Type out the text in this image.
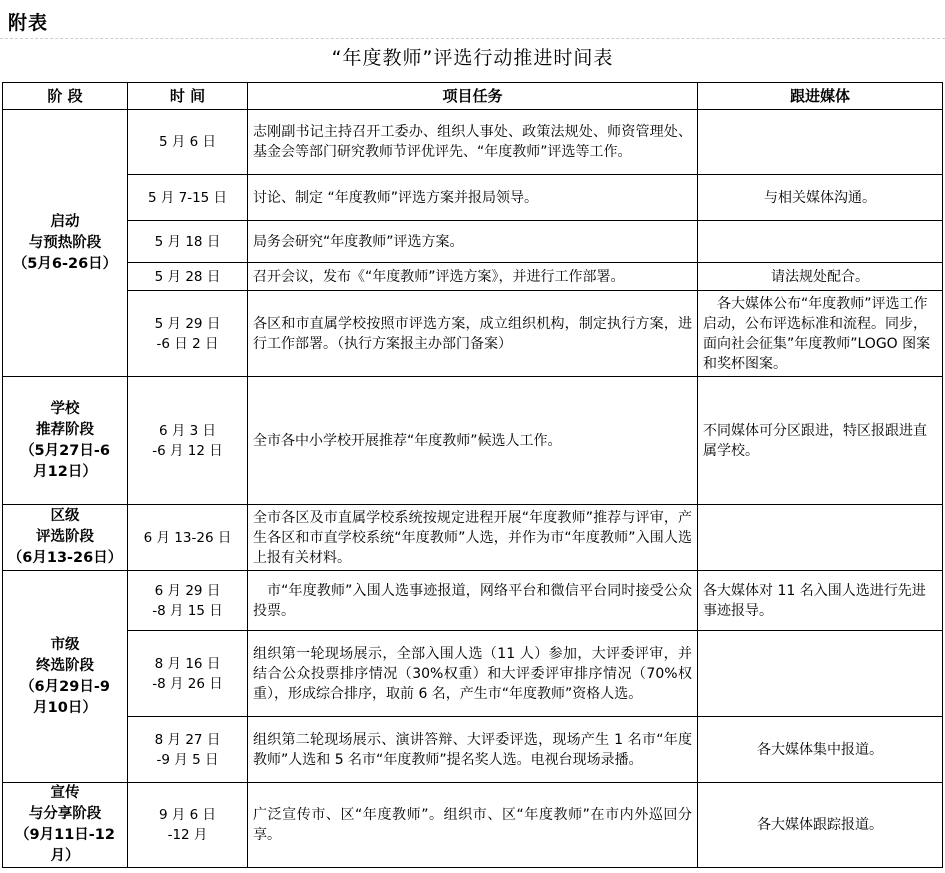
附表
“年度教师”评选行动推进时间表
阶 段	时 间	项目任务	跟进媒体
启动
与预热阶段
（5月6-26日）	5 月 6 日	志刚副书记主持召开工委办、组织人事处、政策法规处、师资管理处、基金会等部门研究教师节评优评先、“年度教师”评选等工作。	
	5 月 7-15 日	讨论、制定 “年度教师”评选方案并报局领导。	与相关媒体沟通。
	5 月 18 日	局务会研究“年度教师”评选方案。	
	5 月 28 日	召开会议，发布《“年度教师”评选方案》，并进行工作部署。	请法规处配合。
	5 月 29 日
-6 日 2 日	各区和市直属学校按照市评选方案，成立组织机构，制定执行方案，进行工作部署。（执行方案报主办部门备案）	各大媒体公布“年度教师”评选工作启动，公布评选标准和流程。同步，面向社会征集”年度教师”LOGO 图案和奖杯图案。
学校
推荐阶段
（5月27日-6
月12日）	6 月 3 日
-6 月 12 日	全市各中小学校开展推荐“年度教师”候选人工作。	不同媒体可分区跟进，特区报跟进直属学校。
区级
评选阶段
（6月13-26日）	6 月 13-26 日	全市各区及市直属学校系统按规定进程开展“年度教师”推荐与评审，产生各区和市直学校系统“年度教师”人选，并作为市“年度教师”入围人选上报有关材料。	
市级
终选阶段
（6月29日-9
月10日）	6 月 29 日
-8 月 15 日	市“年度教师”入围人选事迹报道，网络平台和微信平台同时接受公众投票。	各大媒体对 11 名入围人选进行先进事迹报导。
	8 月 16 日
-8 月 26 日	组织第一轮现场展示，全部入围人选（11 人）参加，大评委评审，并结合公众投票排序情况（30%权重）和大评委评审排序情况（70%权重），形成综合排序，取前 6 名，产生市“年度教师”资格人选。	
	8 月 27 日
-9 月 5 日	组织第二轮现场展示、演讲答辩、大评委评选，现场产生 1 名市“年度教师”人选和 5 名市“年度教师”提名奖人选。电视台现场录播。	各大媒体集中报道。
宣传
与分享阶段
（9月11日-12
月）	9 月 6 日
-12 月	广泛宣传市、区“年度教师”。组织市、区“年度教师”在市内外巡回分享。	各大媒体跟踪报道。
